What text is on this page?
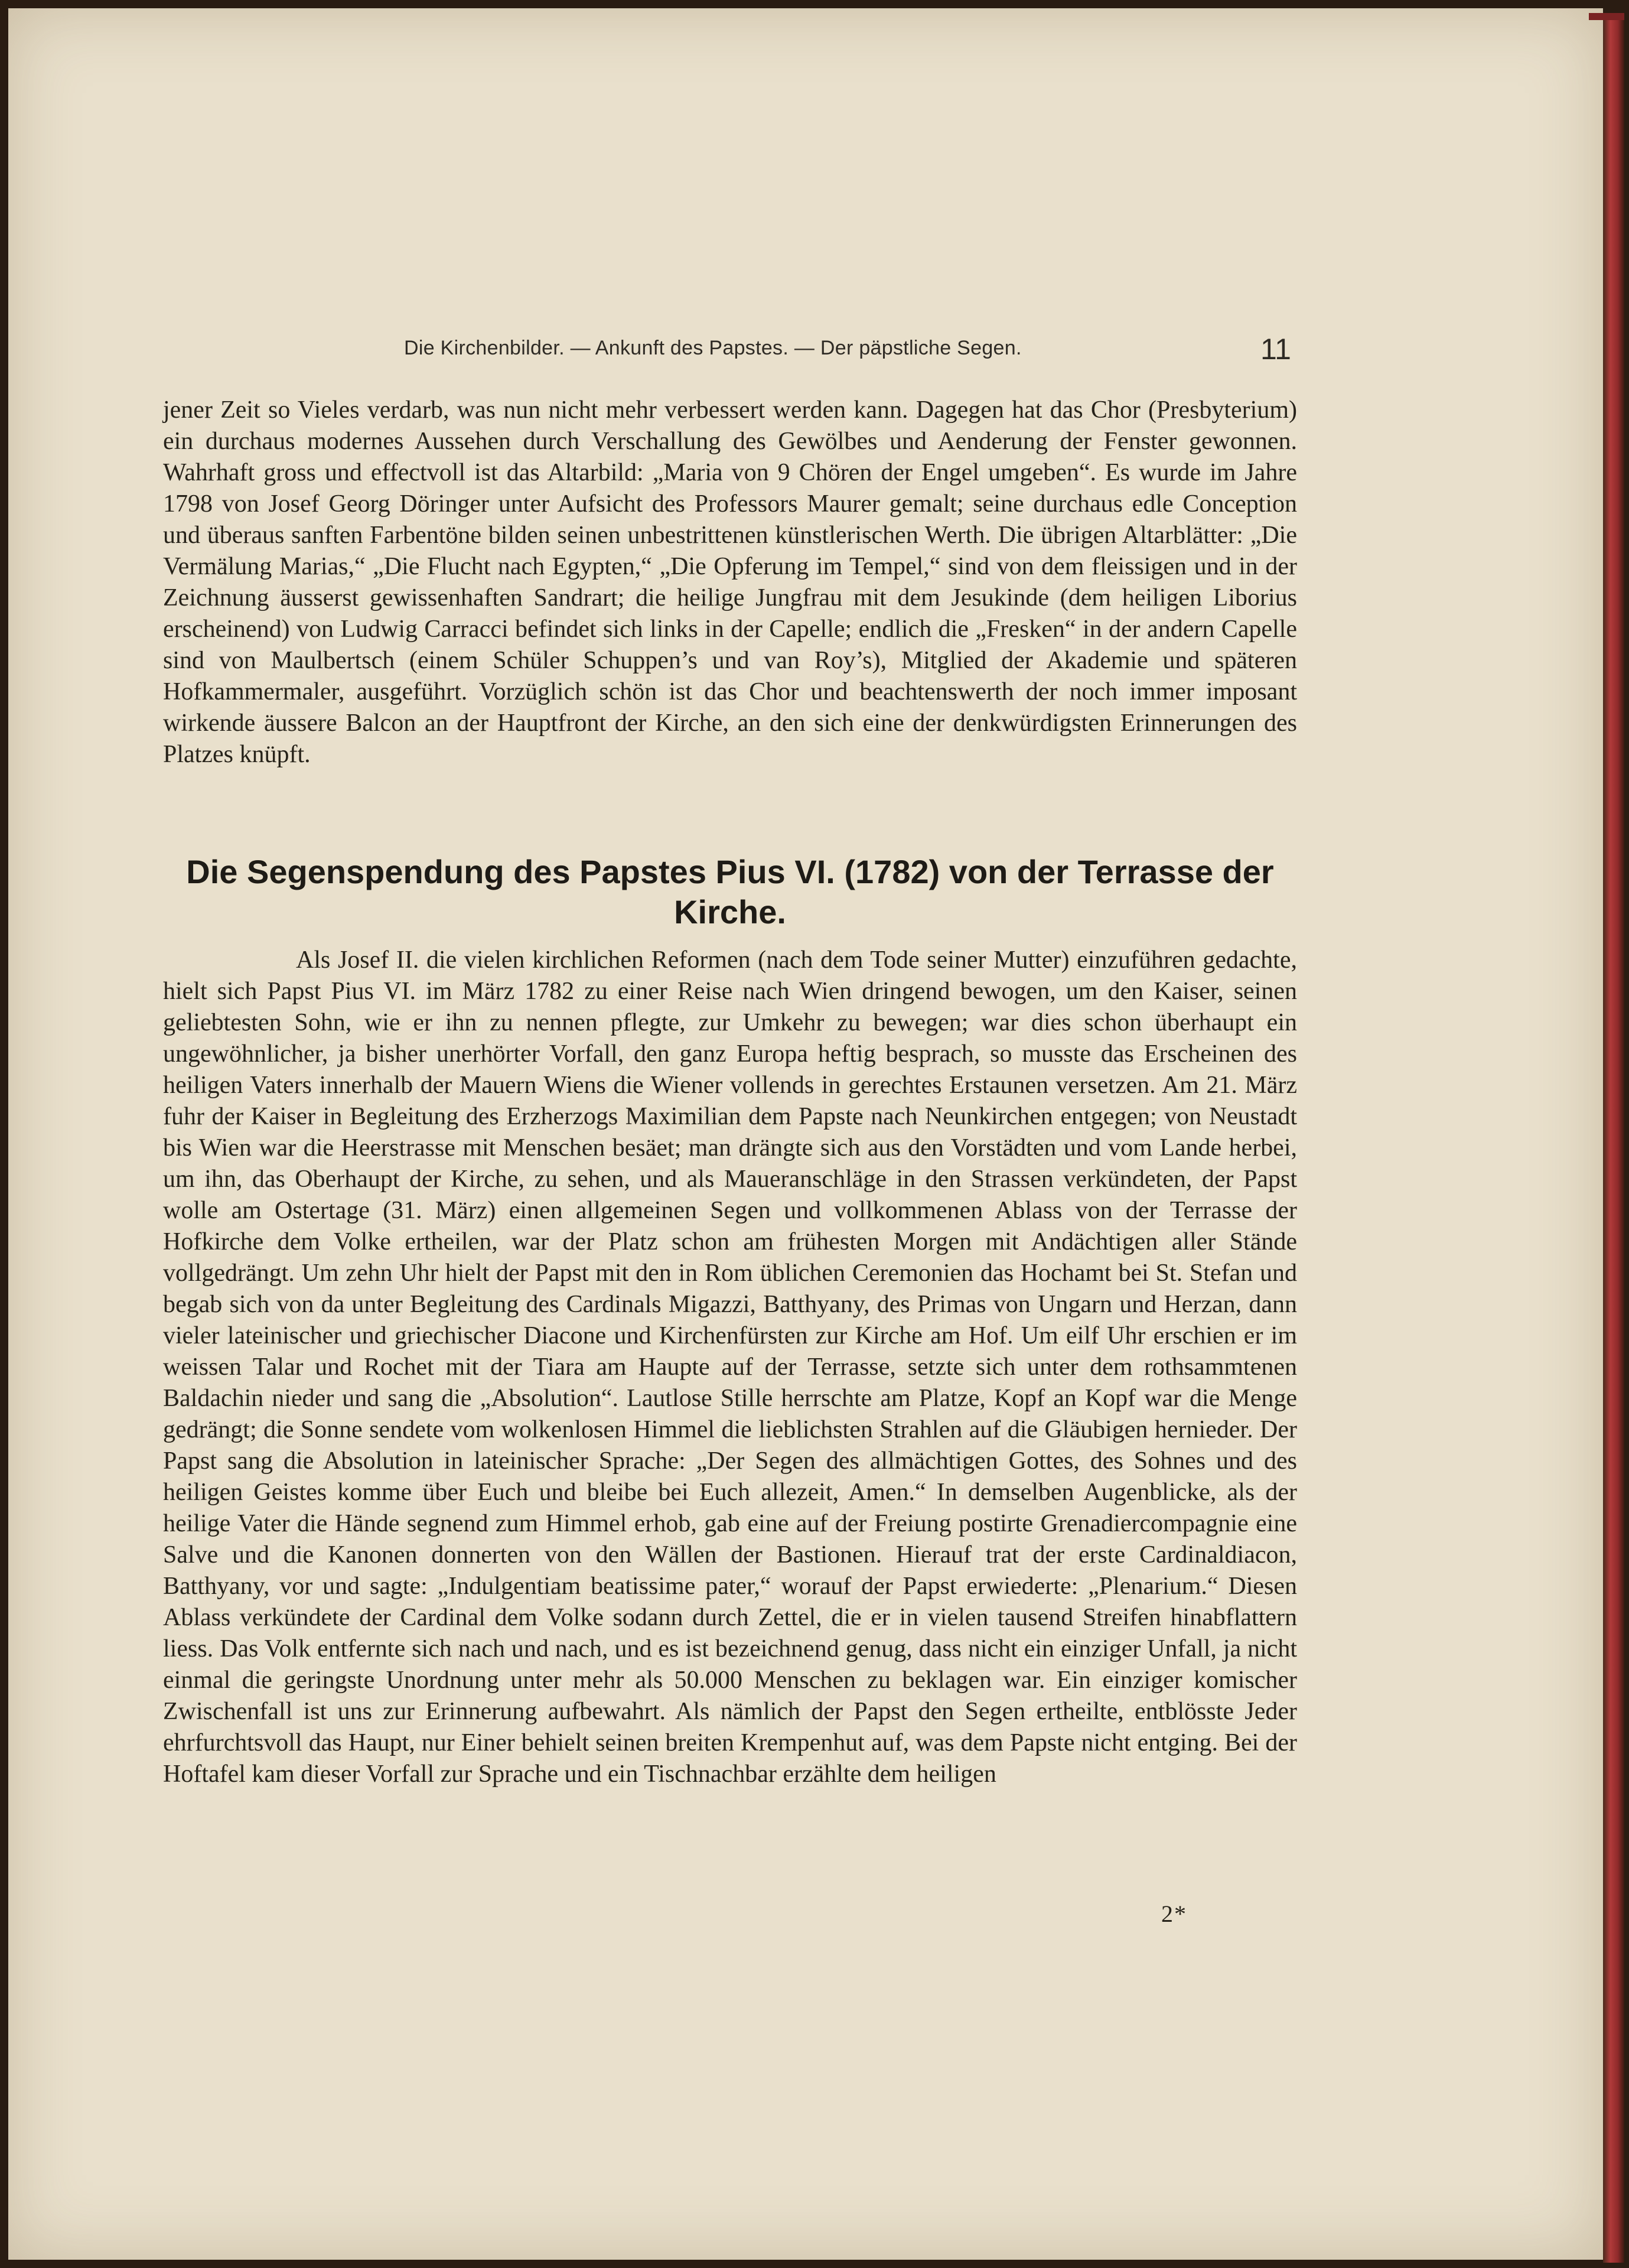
Die Kirchenbilder. — Ankunft des Papstes. — Der päpstliche Segen.	11

jener Zeit so Vieles verdarb, was nun nicht mehr verbessert werden kann. Dagegen hat das Chor (Presbyterium) ein durchaus modernes Aussehen durch Verschallung des Gewölbes und Aenderung der Fenster gewonnen. Wahrhaft gross und effectvoll ist das Altarbild: „Maria von 9 Chören der Engel umgeben“. Es wurde im Jahre 1798 von Josef Georg Döringer unter Aufsicht des Professors Maurer gemalt; seine durchaus edle Conception und überaus sanften Farbentöne bilden seinen unbestrittenen künstlerischen Werth. Die übrigen Altarblätter: „Die Vermälung Marias,“ „Die Flucht nach Egypten,“ „Die Opferung im Tempel,“ sind von dem fleissigen und in der Zeichnung äusserst gewissenhaften Sandrart; die heilige Jungfrau mit dem Jesukinde (dem heiligen Liborius erscheinend) von Ludwig Carracci befindet sich links in der Capelle; endlich die „Fresken“ in der andern Capelle sind von Maulbertsch (einem Schüler Schuppen’s und van Roy’s), Mitglied der Akademie und späteren Hofkammermaler, ausgeführt. Vorzüglich schön ist das Chor und beachtenswerth der noch immer imposant wirkende äussere Balcon an der Hauptfront der Kirche, an den sich eine der denkwürdigsten Erinnerungen des Platzes knüpft.

Die Segenspendung des Papstes Pius VI. (1782) von der Terrasse der Kirche.

Als Josef II. die vielen kirchlichen Reformen (nach dem Tode seiner Mutter) einzuführen gedachte, hielt sich Papst Pius VI. im März 1782 zu einer Reise nach Wien dringend bewogen, um den Kaiser, seinen geliebtesten Sohn, wie er ihn zu nennen pflegte, zur Umkehr zu bewegen; war dies schon überhaupt ein ungewöhnlicher, ja bisher unerhörter Vorfall, den ganz Europa heftig besprach, so musste das Erscheinen des heiligen Vaters innerhalb der Mauern Wiens die Wiener vollends in gerechtes Erstaunen versetzen. Am 21. März fuhr der Kaiser in Begleitung des Erzherzogs Maximilian dem Papste nach Neunkirchen entgegen; von Neustadt bis Wien war die Heerstrasse mit Menschen besäet; man drängte sich aus den Vorstädten und vom Lande herbei, um ihn, das Oberhaupt der Kirche, zu sehen, und als Maueranschläge in den Strassen verkündeten, der Papst wolle am Ostertage (31. März) einen allgemeinen Segen und vollkommenen Ablass von der Terrasse der Hofkirche dem Volke ertheilen, war der Platz schon am frühesten Morgen mit Andächtigen aller Stände vollgedrängt. Um zehn Uhr hielt der Papst mit den in Rom üblichen Ceremonien das Hochamt bei St. Stefan und begab sich von da unter Begleitung des Cardinals Migazzi, Batthyany, des Primas von Ungarn und Herzan, dann vieler lateinischer und griechischer Diacone und Kirchenfürsten zur Kirche am Hof. Um eilf Uhr erschien er im weissen Talar und Rochet mit der Tiara am Haupte auf der Terrasse, setzte sich unter dem rothsammtenen Baldachin nieder und sang die „Absolution“. Lautlose Stille herrschte am Platze, Kopf an Kopf war die Menge gedrängt; die Sonne sendete vom wolkenlosen Himmel die lieblichsten Strahlen auf die Gläubigen hernieder. Der Papst sang die Absolution in lateinischer Sprache: „Der Segen des allmächtigen Gottes, des Sohnes und des heiligen Geistes komme über Euch und bleibe bei Euch allezeit, Amen.“ In demselben Augenblicke, als der heilige Vater die Hände segnend zum Himmel erhob, gab eine auf der Freiung postirte Grenadiercompagnie eine Salve und die Kanonen donnerten von den Wällen der Bastionen. Hierauf trat der erste Cardinaldiacon, Batthyany, vor und sagte: „Indulgentiam beatissime pater,“ worauf der Papst erwiederte: „Plenarium.“ Diesen Ablass verkündete der Cardinal dem Volke sodann durch Zettel, die er in vielen tausend Streifen hinabflattern liess. Das Volk entfernte sich nach und nach, und es ist bezeichnend genug, dass nicht ein einziger Unfall, ja nicht einmal die geringste Unordnung unter mehr als 50.000 Menschen zu beklagen war. Ein einziger komischer Zwischenfall ist uns zur Erinnerung aufbewahrt. Als nämlich der Papst den Segen ertheilte, entblösste Jeder ehrfurchtsvoll das Haupt, nur Einer behielt seinen breiten Krempenhut auf, was dem Papste nicht entging. Bei der Hoftafel kam dieser Vorfall zur Sprache und ein Tischnachbar erzählte dem heiligen

2*
